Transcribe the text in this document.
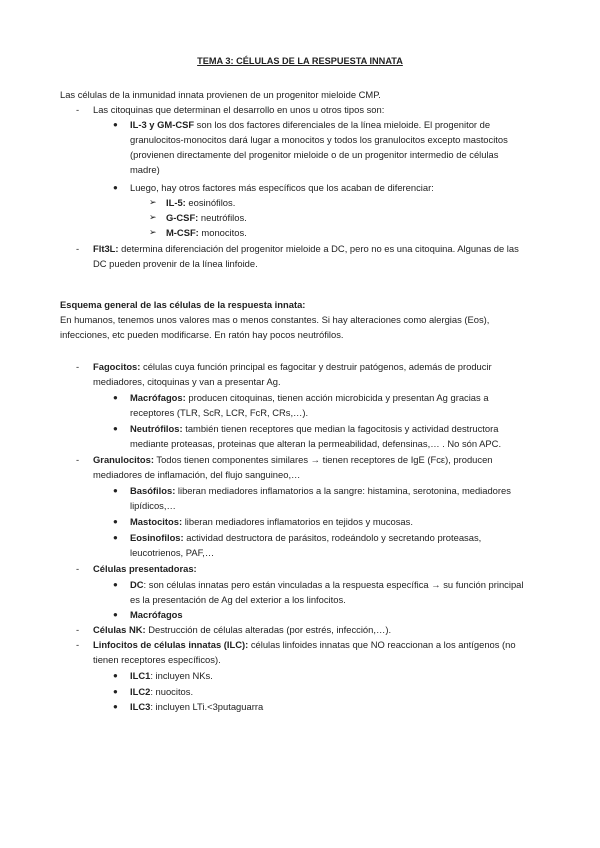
TEMA 3: CÉLULAS DE LA RESPUESTA INNATA
Las células de la inmunidad innata provienen de un progenitor mieloide CMP.
- Las citoquinas que determinan el desarrollo en unos u otros tipos son:
● IL-3 y GM-CSF son los dos factores diferenciales de la línea mieloide. El progenitor de
granulocitos-monocitos dará lugar a monocitos y todos los granulocitos excepto mastocitos
(provienen directamente del progenitor mieloide o de un progenitor intermedio de células
madre)
● Luego, hay otros factores más específicos que los acaban de diferenciar:
➢ IL-5: eosinófilos.
➢ G-CSF: neutrófilos.
➢ M-CSF: monocitos.
- Flt3L: determina diferenciación del progenitor mieloide a DC, pero no es una citoquina. Algunas de las
DC pueden provenir de la línea linfoide.
Esquema general de las células de la respuesta innata:
En humanos, tenemos unos valores mas o menos constantes. Si hay alteraciones como alergias (Eos),
infecciones, etc pueden modificarse. En ratón hay pocos neutrófilos.
- Fagocitos: células cuya función principal es fagocitar y destruir patógenos, además de producir
mediadores, citoquinas y van a presentar Ag.
● Macrófagos: producen citoquinas, tienen acción microbicida y presentan Ag gracias a
receptores (TLR, ScR, LCR, FcR, CRs,…).
● Neutrófilos: también tienen receptores que median la fagocitosis y actividad destructora
mediante proteasas, proteinas que alteran la permeabilidad, defensinas,… . No són APC.
- Granulocitos: Todos tienen componentes similares → tienen receptores de IgE (Fcε), producen
mediadores de inflamación, del flujo sanguineo,…
● Basófilos: liberan mediadores inflamatorios a la sangre: histamina, serotonina, mediadores
lipídicos,…
● Mastocitos: liberan mediadores inflamatorios en tejidos y mucosas.
● Eosinofilos: actividad destructora de parásitos, rodeándolo y secretando proteasas,
leucotrienos, PAF,…
- Células presentadoras:
● DC: son células innatas pero están vinculadas a la respuesta específica → su función principal
es la presentación de Ag del exterior a los linfocitos.
● Macrófagos
- Células NK: Destrucción de células alteradas (por estrés, infección,…).
- Linfocitos de células innatas (ILC): células linfoides innatas que NO reaccionan a los antígenos (no
tienen receptores específicos).
● ILC1: incluyen NKs.
● ILC2: nuocitos.
● ILC3: incluyen LTi.<3putaguarra
